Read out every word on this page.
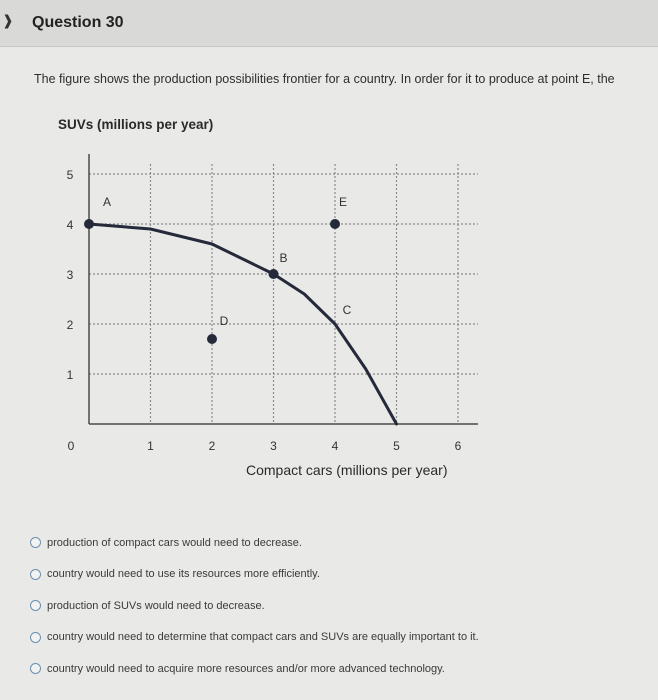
❱ Question 30
The figure shows the production possibilities frontier for a country. In order for it to produce at point E, the
SUVs (millions per year)
A
B
C
D
E
0	1	2	3	4	5	6
1
2
3
4
5
Compact cars (millions per year)
production of compact cars would need to decrease.
country would need to use its resources more efficiently.
production of SUVs would need to decrease.
country would need to determine that compact cars and SUVs are equally important to it.
country would need to acquire more resources and/or more advanced technology.
